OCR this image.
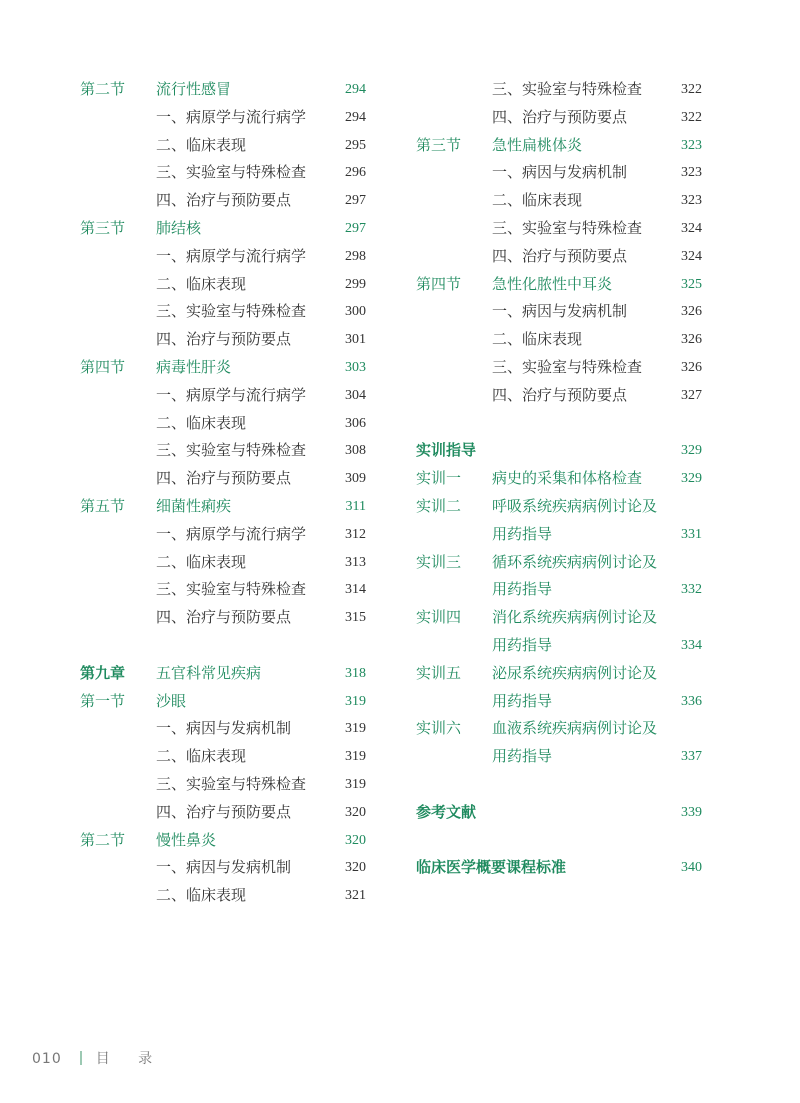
第二节 流行性感冒	294
一、病原学与流行病学	294
二、临床表现	295
三、实验室与特殊检查	296
四、治疗与预防要点	297
第三节 肺结核	297
一、病原学与流行病学	298
二、临床表现	299
三、实验室与特殊检查	300
四、治疗与预防要点	301
第四节 病毒性肝炎	303
一、病原学与流行病学	304
二、临床表现	306
三、实验室与特殊检查	308
四、治疗与预防要点	309
第五节 细菌性痢疾	311
一、病原学与流行病学	312
二、临床表现	313
三、实验室与特殊检查	314
四、治疗与预防要点	315
第九章 五官科常见疾病	318
第一节 沙眼	319
一、病因与发病机制	319
二、临床表现	319
三、实验室与特殊检查	319
四、治疗与预防要点	320
第二节 慢性鼻炎	320
一、病因与发病机制	320
二、临床表现	321
三、实验室与特殊检查	322
四、治疗与预防要点	322
第三节 急性扁桃体炎	323
一、病因与发病机制	323
二、临床表现	323
三、实验室与特殊检查	324
四、治疗与预防要点	324
第四节 急性化脓性中耳炎	325
一、病因与发病机制	326
二、临床表现	326
三、实验室与特殊检查	326
四、治疗与预防要点	327
实训指导	329
实训一 病史的采集和体格检查	329
实训二 呼吸系统疾病病例讨论及用药指导	331
实训三 循环系统疾病病例讨论及用药指导	332
实训四 消化系统疾病病例讨论及用药指导	334
实训五 泌尿系统疾病病例讨论及用药指导	336
实训六 血液系统疾病病例讨论及用药指导	337
参考文献	339
临床医学概要课程标准	340
010 目 录
